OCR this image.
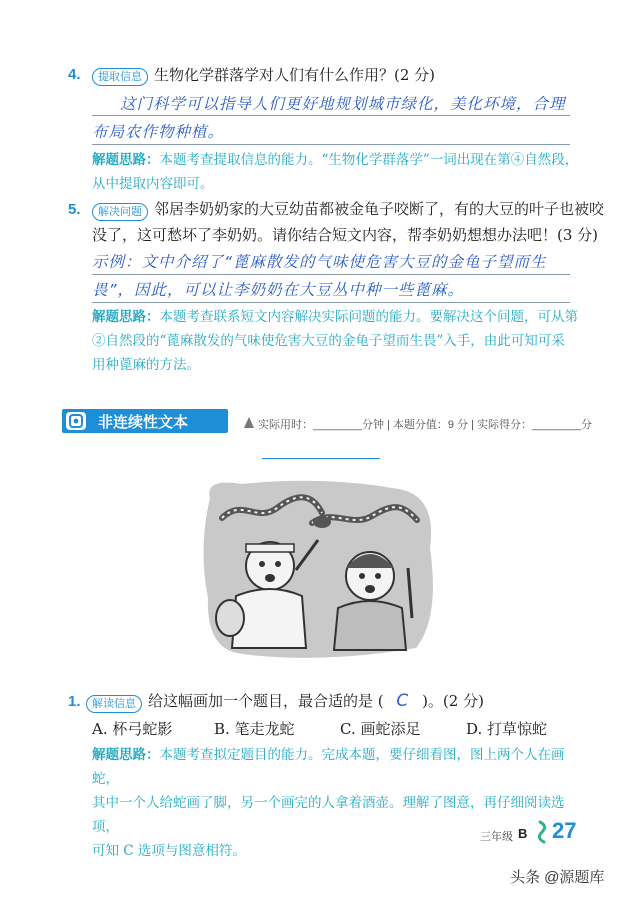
4.	提取信息 生物化学群落学对人们有什么作用？(2 分)
这门科学可以指导人们更好地规划城市绿化，美化环境，合理
布局农作物种植。
解题思路：本题考查提取信息的能力。“生物化学群落学”一词出现在第④自然段，
从中提取内容即可。
5.	解决问题 邻居李奶奶家的大豆幼苗都被金龟子咬断了，有的大豆的叶子也被咬
没了，这可愁坏了李奶奶。请你结合短文内容，帮李奶奶想想办法吧！(3 分)
示例：文中介绍了“蓖麻散发的气味使危害大豆的金龟子望而生
畏”，因此，可以让李奶奶在大豆丛中种一些蓖麻。
解题思路：本题考查联系短文内容解决实际问题的能力。要解决这个问题，可从第
②自然段的“蓖麻散发的气味使危害大豆的金龟子望而生畏”入手，由此可知可采
用种蓖麻的方法。
非连续性文本	实际用时：________分钟 | 本题分值：9 分 | 实际得分：________分
1.	解读信息 给这幅画加一个题目，最合适的是 ( C )。(2 分)
A. 杯弓蛇影	B. 笔走龙蛇	C. 画蛇添足	D. 打草惊蛇
解题思路：本题考查拟定题目的能力。完成本题，要仔细看图，图上两个人在画蛇，
其中一个人给蛇画了脚，另一个画完的人拿着酒壶。理解了图意，再仔细阅读选项，
可知 C 选项与图意相符。
三年级 B 27
头条 @源题库
